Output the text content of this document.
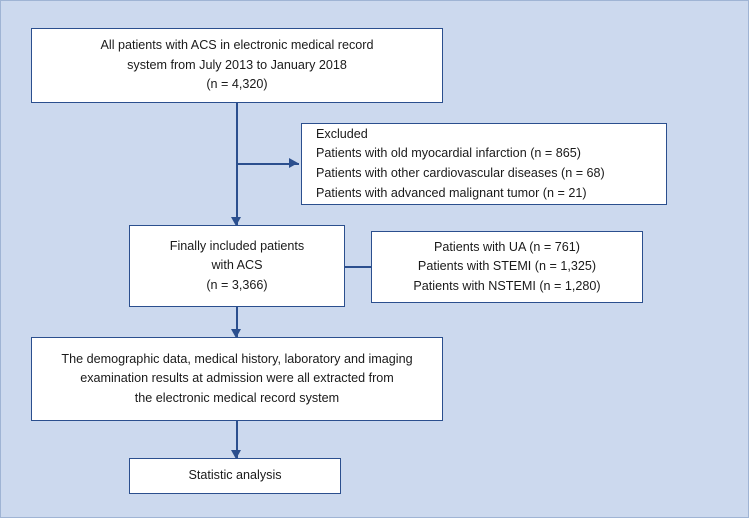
All patients with ACS in electronic medical record
system from July 2013 to January 2018
(n = 4,320)
Excluded
Patients with old myocardial infarction (n = 865)
Patients with other cardiovascular diseases (n = 68)
Patients with advanced malignant tumor (n = 21)
Finally included patients
with ACS
(n = 3,366)
Patients with UA (n = 761)
Patients with STEMI (n = 1,325)
Patients with NSTEMI (n = 1,280)
The demographic data, medical history, laboratory and imaging
examination results at admission were all extracted from
the electronic medical record system
Statistic analysis
